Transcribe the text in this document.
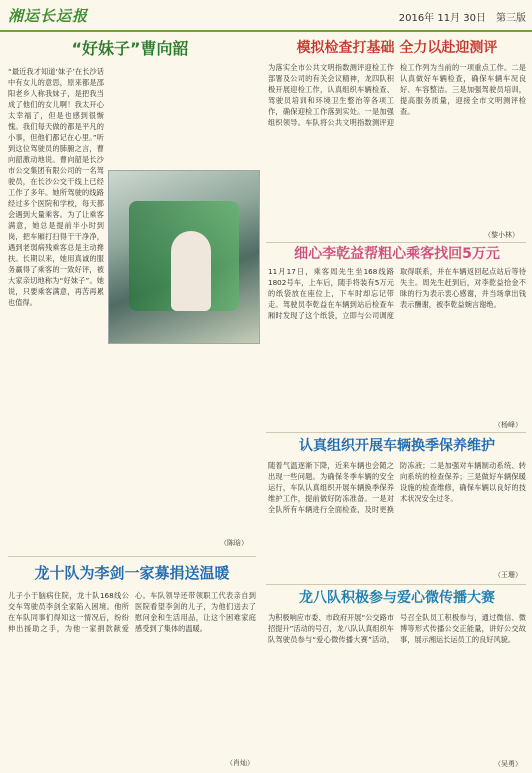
湘运长运报	2016年 11月 30日 第三版
“好妹子”曹向韶
“最近我才知道‘妹子’在长沙话中有女儿的意思，原来都是邵阳老乡人称我妹子，是把我当成了他们的女儿啊！我太开心太幸福了，但是也感到很惭愧。我们每天做的都是平凡的小事，但他们都记在心里。”听到这位驾驶员的肺腑之言，曹向韶激动地说。曹向韶是长沙市公交集团有限公司的一名驾驶员，在长沙公交干线上已经工作了多年。她所驾驶的线路经过多个医院和学校，每天都会遇到大量乘客。为了让乘客满意，她总是提前半小时到岗，把车厢打扫得干干净净，遇到老弱病残乘客总是主动搀扶。长期以来，她用真诚的服务赢得了乘客的一致好评，被大家亲切地称为“好妹子”。她说，只要乘客满意，再苦再累也值得。
（陈晗）
龙十队为李剑一家募捐送温暖
儿子小于脑病住院，龙十队168线公交车驾驶员李剑全家陷入困境。他所在车队同事们得知这一情况后，纷纷伸出援助之手，为他一家捐款献爱心。车队领导还带领职工代表亲自到医院看望李剑的儿子，为他们送去了慰问金和生活用品，让这个困难家庭感受到了集体的温暖。
（肖灿）
模拟检查打基础 全力以赴迎测评
为落实全市公共文明指数测评迎检工作部署及公司的有关会议精神，龙四队积极开展迎检工作，认真组织车辆检查、驾驶员培训和环境卫生整治等各项工作，确保迎检工作落到实处。一是加强组织领导。车队将公共文明指数测评迎检工作列为当前的一项重点工作。二是认真做好车辆检查，确保车辆车况良好、车容整洁。三是加强驾驶员培训，提高服务质量，迎接全市文明测评检查。
（黎小林）
细心李乾益帮粗心乘客找回5万元
11月17日，乘客周先生坐168线路1802号车，上车后，随手将装有5万元的纸袋放在座位上，下车时却忘记带走。驾驶员李乾益在车辆到站后检查车厢时发现了这个纸袋，立即与公司调度取得联系，并在车辆返回起点站后等待失主。周先生赶到后，对李乾益拾金不昧的行为表示衷心感谢，并当场拿出钱表示酬谢，被李乾益婉言谢绝。
（杨峰）
认真组织开展车辆换季保养维护
随着气温逐渐下降，近来车辆也会随之出现一些问题。为确保冬季车辆的安全运行，车队认真组织开展车辆换季保养维护工作，提前做好防冻准备。一是对全队所有车辆进行全面检查，及时更换防冻液；二是加强对车辆制动系统、转向系统的检查保养；三是做好车辆保暖设施的检查维修，确保车辆以良好的技术状况安全过冬。
（王珊）
龙八队积极参与爱心微传播大赛
为积极响应市委、市政府开展“公交路市招提升”活动的号召，龙八队认真组织车队驾驶员参与“爱心微传播大赛”活动，号召全队员工积极参与，通过微信、微博等形式传播公交正能量，讲好公交故事，展示湘运长运员工的良好风貌。
（吴勇）
